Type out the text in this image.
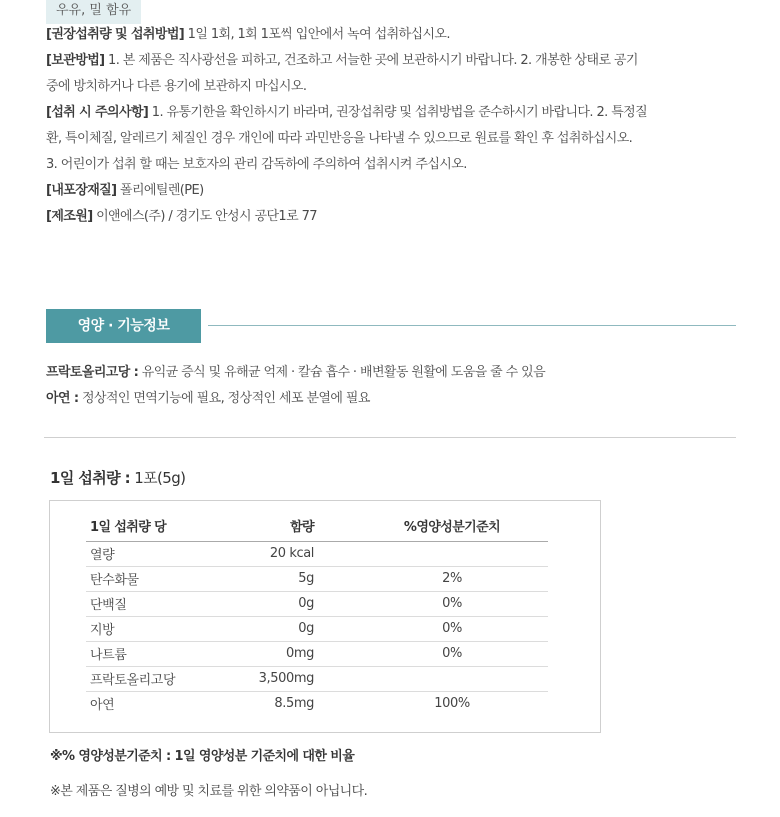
우유, 밀 함유
[권장섭취량 및 섭취방법] 1일 1회, 1회 1포씩 입안에서 녹여 섭취하십시오.
[보관방법] 1. 본 제품은 직사광선을 피하고, 건조하고 서늘한 곳에 보관하시기 바랍니다. 2. 개봉한 상태로 공기
중에 방치하거나 다른 용기에 보관하지 마십시오.
[섭취 시 주의사항] 1. 유통기한을 확인하시기 바라며, 권장섭취량 및 섭취방법을 준수하시기 바랍니다. 2. 특정질
환, 특이체질, 알레르기 체질인 경우 개인에 따라 과민반응을 나타낼 수 있으므로 원료를 확인 후 섭취하십시오.
3. 어린이가 섭취 할 때는 보호자의 관리 감독하에 주의하여 섭취시켜 주십시오.
[내포장재질] 폴리에틸렌(PE)
[제조원] 이앤에스(주) / 경기도 안성시 공단1로 77
영양 · 기능정보
프락토올리고당 : 유익균 증식 및 유해균 억제 · 칼슘 흡수 · 배변활동 원활에 도움을 줄 수 있음
아연 : 정상적인 면역기능에 필요, 정상적인 세포 분열에 필요
1일 섭취량 : 1포(5g)
1일 섭취량 당	함량	%영양성분기준치
열량	20 kcal	
탄수화물	5g	2%
단백질	0g	0%
지방	0g	0%
나트륨	0mg	0%
프락토올리고당	3,500mg	
아연	8.5mg	100%
※% 영양성분기준치 : 1일 영양성분 기준치에 대한 비율
※본 제품은 질병의 예방 및 치료를 위한 의약품이 아닙니다.
